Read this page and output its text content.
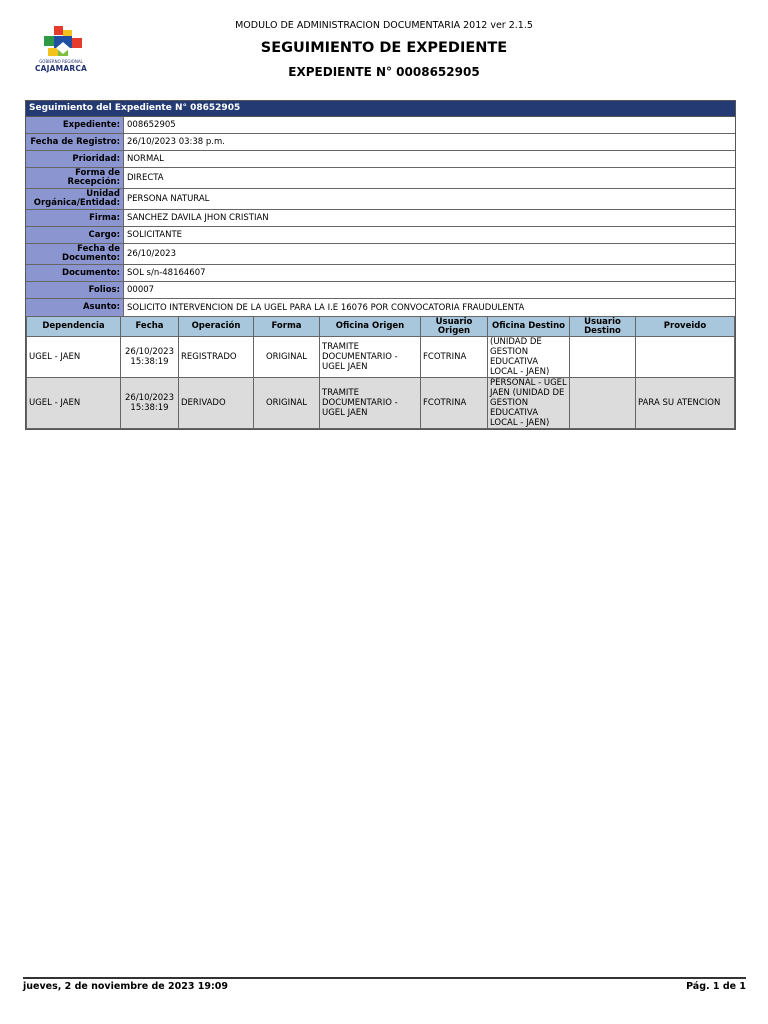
GOBIERNO REGIONAL
CAJAMARCA
MODULO DE ADMINISTRACION DOCUMENTARIA 2012 ver 2.1.5
SEGUIMIENTO DE EXPEDIENTE
EXPEDIENTE N° 0008652905
Seguimiento del Expediente N° 08652905
Expediente: 008652905
Fecha de Registro: 26/10/2023 03:38 p.m.
Prioridad: NORMAL
Forma de Recepción: DIRECTA
Unidad Orgánica/Entidad: PERSONA NATURAL
Firma: SANCHEZ DAVILA JHON CRISTIAN
Cargo: SOLICITANTE
Fecha de Documento: 26/10/2023
Documento: SOL s/n-48164607
Folios: 00007
Asunto: SOLICITO INTERVENCION DE LA UGEL PARA LA I.E 16076 POR CONVOCATORIA FRAUDULENTA
Dependencia	Fecha	Operación	Forma	Oficina Origen	Usuario Origen	Oficina Destino	Usuario Destino	Proveido
UGEL - JAEN	26/10/2023 15:38:19	REGISTRADO	ORIGINAL	TRAMITE DOCUMENTARIO - UGEL JAEN	FCOTRINA	(UNIDAD DE GESTION EDUCATIVA LOCAL - JAEN)		
UGEL - JAEN	26/10/2023 15:38:19	DERIVADO	ORIGINAL	TRAMITE DOCUMENTARIO - UGEL JAEN	FCOTRINA	PERSONAL - UGEL JAEN (UNIDAD DE GESTION EDUCATIVA LOCAL - JAEN)		PARA SU ATENCION
jueves, 2 de noviembre de 2023 19:09	Pág. 1 de 1
